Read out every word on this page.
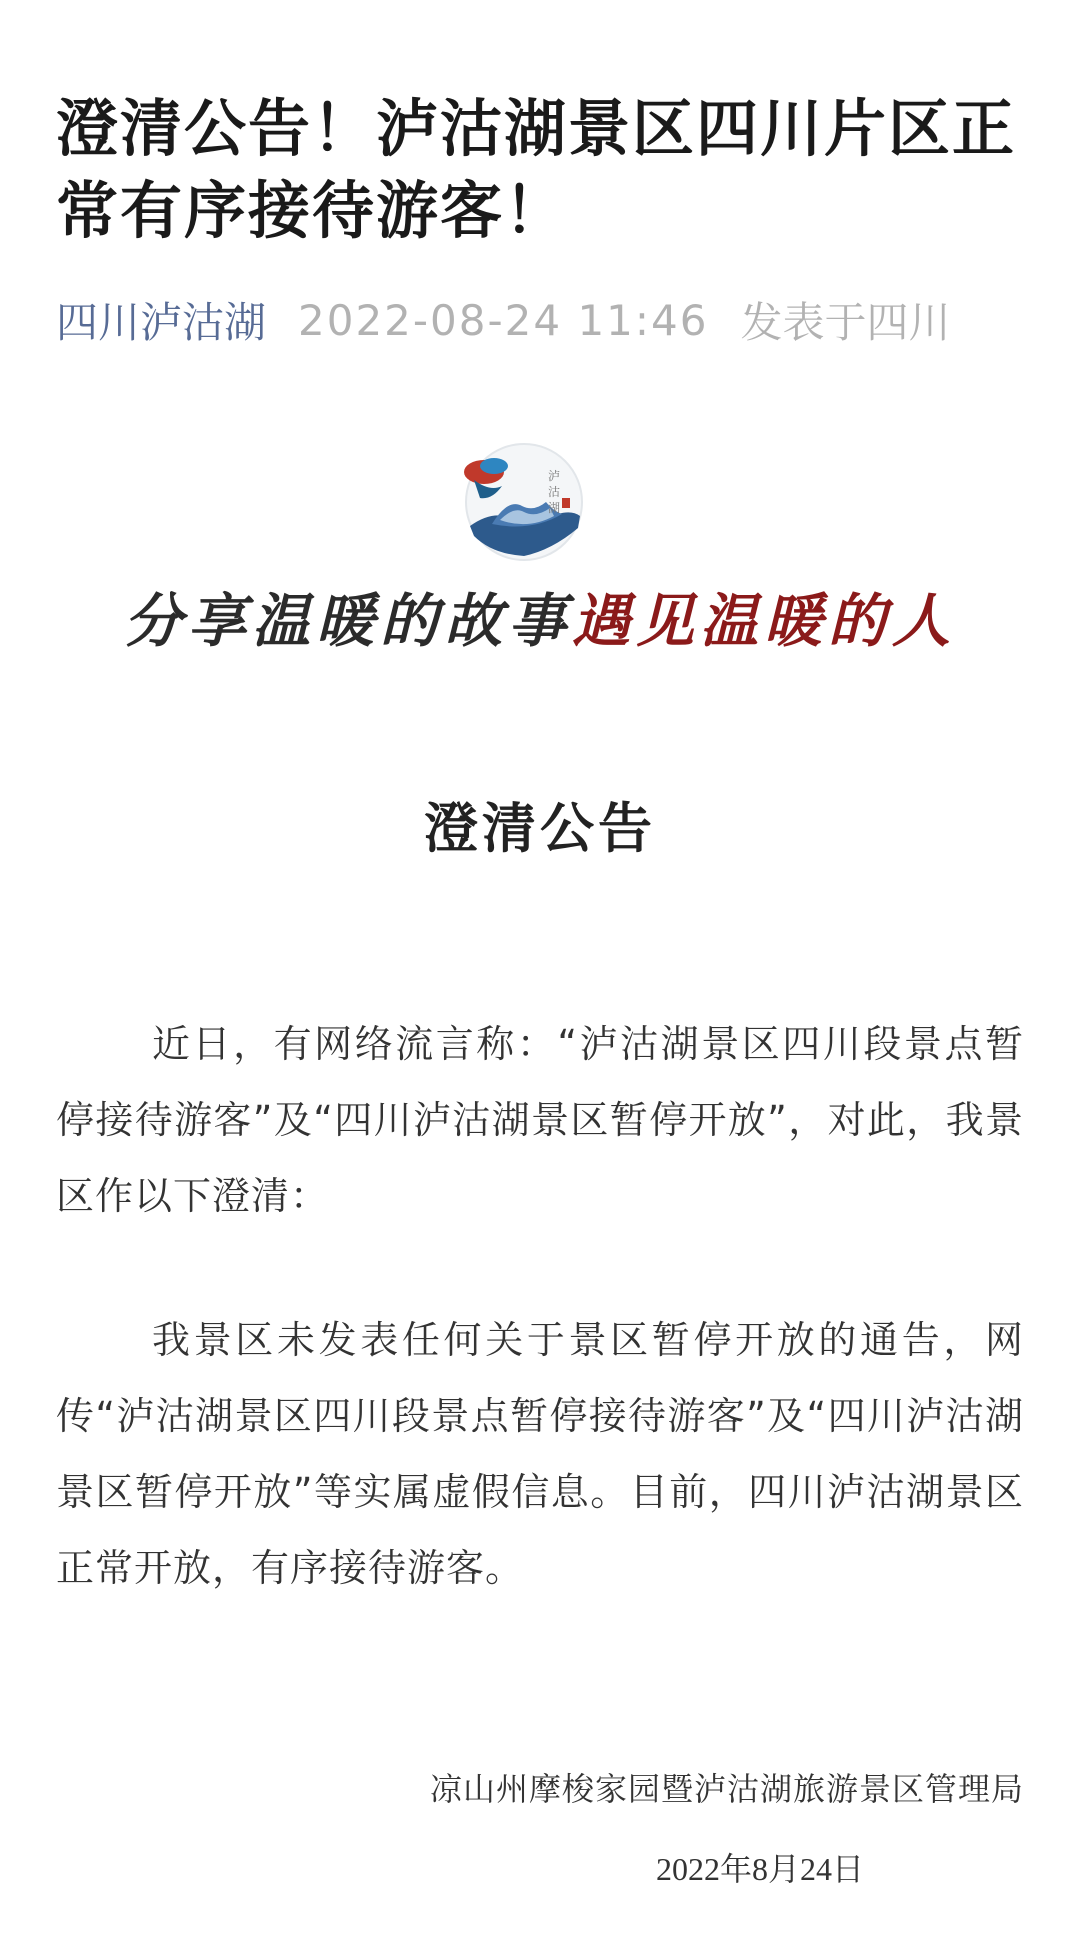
澄清公告！泸沽湖景区四川片区正常有序接待游客！
四川泸沽湖 2022-08-24 11:46 发表于四川
泸
沽
湖
分享温暖的故事遇见温暖的人
澄清公告

近日，有网络流言称：“泸沽湖景区四川段景点暂停接待游客”及“四川泸沽湖景区暂停开放”，对此，我景区作以下澄清：

我景区未发表任何关于景区暂停开放的通告，网传“泸沽湖景区四川段景点暂停接待游客”及“四川泸沽湖景区暂停开放”等实属虚假信息。目前，四川泸沽湖景区正常开放，有序接待游客。

凉山州摩梭家园暨泸沽湖旅游景区管理局
2022年8月24日
